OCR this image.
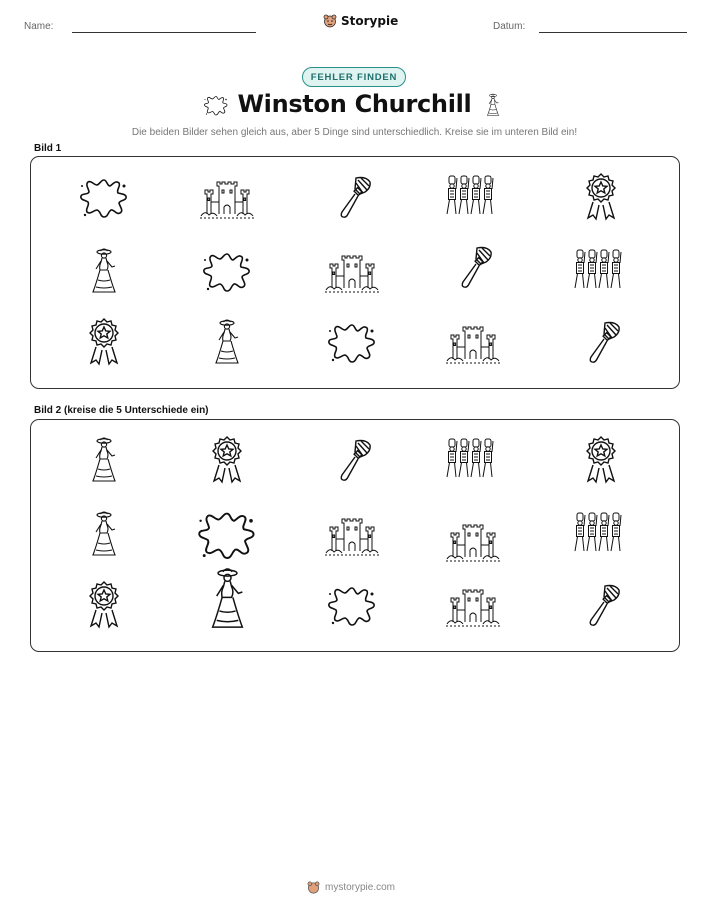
Name:	Storypie	Datum:
FEHLER FINDEN
Winston Churchill
Die beiden Bilder sehen gleich aus, aber 5 Dinge sind unterschiedlich. Kreise sie im unteren Bild ein!
Bild 1
Bild 2 (kreise die 5 Unterschiede ein)
mystorypie.com
